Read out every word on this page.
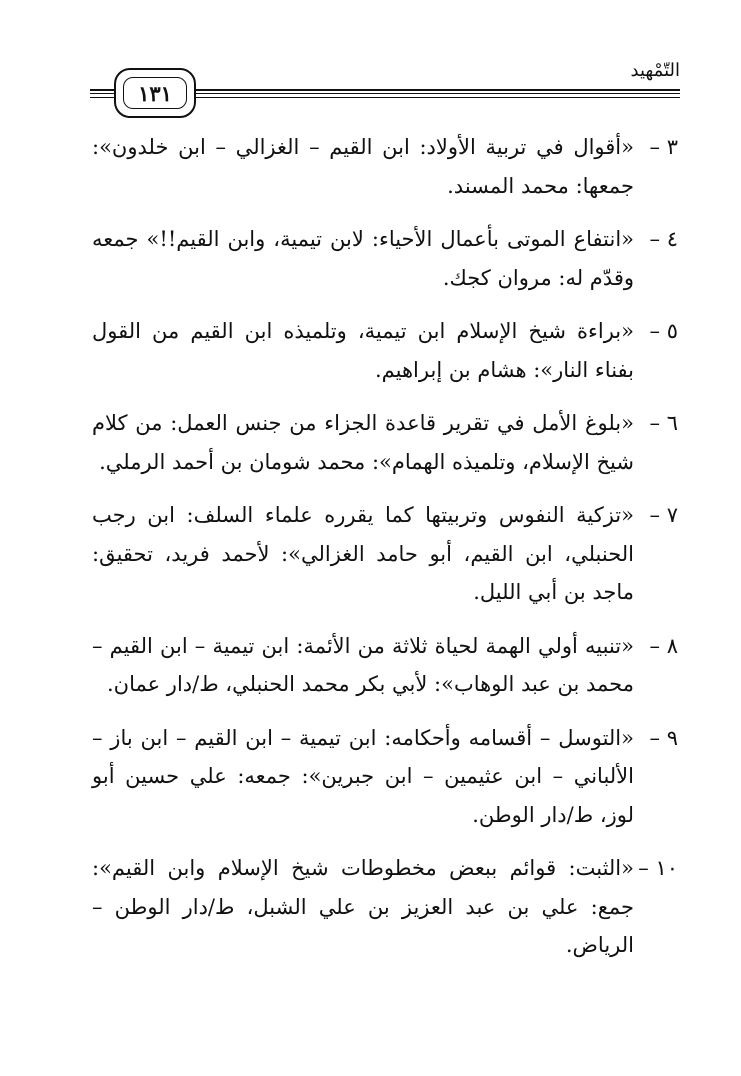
التّمْهيد
١٣١
٣ –
«أقوال في تربية الأولاد: ابن القيم – الغزالي – ابن خلدون»: جمعها: محمد المسند.
٤ –
«انتفاع الموتى بأعمال الأحياء: لابن تيمية، وابن القيم!!» جمعه وقدّم له: مروان كجك.
٥ –
«براءة شيخ الإسلام ابن تيمية، وتلميذه ابن القيم من القول بفناء النار»: هشام بن إبراهيم.
٦ –
«بلوغ الأمل في تقرير قاعدة الجزاء من جنس العمل: من كلام شيخ الإسلام، وتلميذه الهمام»: محمد شومان بن أحمد الرملي.
٧ –
«تزكية النفوس وتربيتها كما يقرره علماء السلف: ابن رجب الحنبلي، ابن القيم، أبو حامد الغزالي»: لأحمد فريد، تحقيق: ماجد بن أبي الليل.
٨ –
«تنبيه أولي الهمة لحياة ثلاثة من الأئمة: ابن تيمية – ابن القيم – محمد بن عبد الوهاب»: لأبي بكر محمد الحنبلي، ط/دار عمان.
٩ –
«التوسل – أقسامه وأحكامه: ابن تيمية – ابن القيم – ابن باز – الألباني – ابن عثيمين – ابن جبرين»: جمعه: علي حسين أبو لوز، ط/دار الوطن.
١٠ –
«الثبت: قوائم ببعض مخطوطات شيخ الإسلام وابن القيم»: جمع: علي بن عبد العزيز بن علي الشبل، ط/دار الوطن – الرياض.
